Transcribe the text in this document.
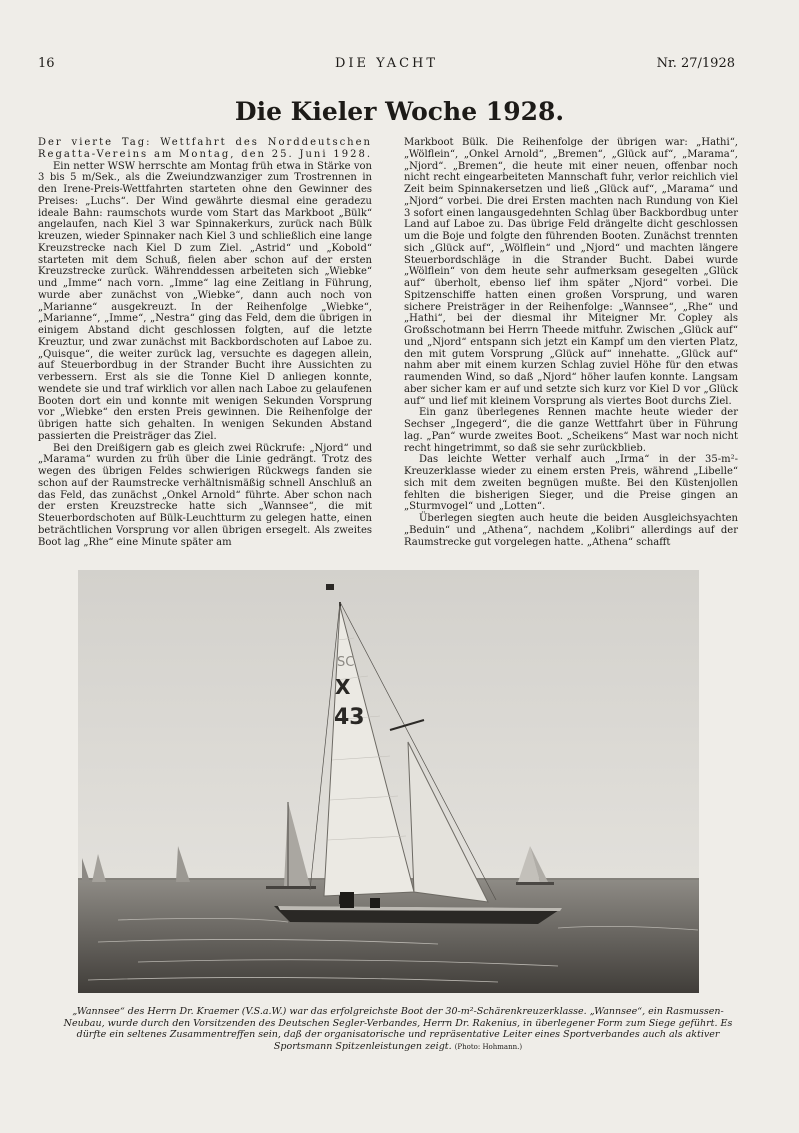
16	DIE YACHT	Nr. 27/1928
Die Kieler Woche 1928.

Der vierte Tag: Wettfahrt des Norddeutschen Regatta-Vereins am Montag, den 25. Juni 1928.

Ein netter WSW herrschte am Montag früh etwa in Stärke von 3 bis 5 m/Sek., als die Zweiundzwanziger zum Trostrennen in den Irene-Preis-Wettfahrten starteten ohne den Gewinner des Preises: „Luchs“. Der Wind gewährte diesmal eine geradezu ideale Bahn: raumschots wurde vom Start das Markboot „Bülk“ angelaufen, nach Kiel 3 war Spinnakerkurs, zurück nach Bülk kreuzen, wieder Spinnaker nach Kiel 3 und schließlich eine lange Kreuzstrecke nach Kiel D zum Ziel. „Astrid“ und „Kobold“ starteten mit dem Schuß, fielen aber schon auf der ersten Kreuzstrecke zurück. Währenddessen arbeiteten sich „Wiebke“ und „Imme“ nach vorn. „Imme“ lag eine Zeitlang in Führung, wurde aber zunächst von „Wiebke“, dann auch noch von „Marianne“ ausgekreuzt. In der Reihenfolge „Wiebke“, „Marianne“, „Imme“, „Nestra“ ging das Feld, dem die übrigen in einigem Abstand dicht geschlossen folgten, auf die letzte Kreuztur, und zwar zunächst mit Backbordschoten auf Laboe zu. „Quisque“, die weiter zurück lag, versuchte es dagegen allein, auf Steuerbordbug in der Strander Bucht ihre Aussichten zu verbessern. Erst als sie die Tonne Kiel D anliegen konnte, wendete sie und traf wirklich vor allen nach Laboe zu gelaufenen Booten dort ein und konnte mit wenigen Sekunden Vorsprung vor „Wiebke“ den ersten Preis gewinnen. Die Reihenfolge der übrigen hatte sich gehalten. In wenigen Sekunden Abstand passierten die Preisträger das Ziel.

Bei den Dreißigern gab es gleich zwei Rückrufe: „Njord“ und „Marama“ wurden zu früh über die Linie gedrängt. Trotz des wegen des übrigen Feldes schwierigen Rückwegs fanden sie schon auf der Raumstrecke verhältnismäßig schnell Anschluß an das Feld, das zunächst „Onkel Arnold“ führte. Aber schon nach der ersten Kreuzstrecke hatte sich „Wannsee“, die mit Steuerbordschoten auf Bülk-Leuchtturm zu gelegen hatte, einen beträchtlichen Vorsprung vor allen übrigen ersegelt. Als zweites Boot lag „Rhe“ eine Minute später am

Markboot Bülk. Die Reihenfolge der übrigen war: „Hathi“, „Wölflein“, „Onkel Arnold“, „Bremen“, „Glück auf“, „Marama“, „Njord“. „Bremen“, die heute mit einer neuen, offenbar noch nicht recht eingearbeiteten Mannschaft fuhr, verlor reichlich viel Zeit beim Spinnakersetzen und ließ „Glück auf“, „Marama“ und „Njord“ vorbei. Die drei Ersten machten nach Rundung von Kiel 3 sofort einen langausgedehnten Schlag über Backbordbug unter Land auf Laboe zu. Das übrige Feld drängelte dicht geschlossen um die Boje und folgte den führenden Booten. Zunächst trennten sich „Glück auf“, „Wölflein“ und „Njord“ und machten längere Steuerbordschläge in die Strander Bucht. Dabei wurde „Wölflein“ von dem heute sehr aufmerksam gesegelten „Glück auf“ überholt, ebenso lief ihm später „Njord“ vorbei. Die Spitzenschiffe hatten einen großen Vorsprung, und waren sichere Preisträger in der Reihenfolge: „Wannsee“, „Rhe“ und „Hathi“, bei der diesmal ihr Miteigner Mr. Copley als Großschotmann bei Herrn Theede mitfuhr. Zwischen „Glück auf“ und „Njord“ entspann sich jetzt ein Kampf um den vierten Platz, den mit gutem Vorsprung „Glück auf“ innehatte. „Glück auf“ nahm aber mit einem kurzen Schlag zuviel Höhe für den etwas raumenden Wind, so daß „Njord“ höher laufen konnte. Langsam aber sicher kam er auf und setzte sich kurz vor Kiel D vor „Glück auf“ und lief mit kleinem Vorsprung als viertes Boot durchs Ziel.

Ein ganz überlegenes Rennen machte heute wieder der Sechser „Ingegerd“, die die ganze Wettfahrt über in Führung lag. „Pan“ wurde zweites Boot. „Scheikens“ Mast war noch nicht recht hingetrimmt, so daß sie sehr zurückblieb.

Das leichte Wetter verhalf auch „Irma“ in der 35-m²-Kreuzerklasse wieder zu einem ersten Preis, während „Libelle“ sich mit dem zweiten begnügen mußte. Bei den Küstenjollen fehlten die bisherigen Sieger, und die Preise gingen an „Sturmvogel“ und „Lotten“.

Überlegen siegten auch heute die beiden Ausgleichsyachten „Beduin“ und „Athena“, nachdem „Kolibri“ allerdings auf der Raumstrecke gut vorgelegen hatte. „Athena“ schafft

X
43
SC

„Wannsee“ des Herrn Dr. Kraemer (V.S.a.W.) war das erfolgreichste Boot der 30-m²-Schärenkreuzerklasse. „Wannsee“, ein Rasmussen-Neubau, wurde durch den Vorsitzenden des Deutschen Segler-Verbandes, Herrn Dr. Rakenius, in überlegener Form zum Siege geführt. Es dürfte ein seltenes Zusammentreffen sein, daß der organisatorische und repräsentative Leiter eines Sportverbandes auch als aktiver Sportsmann Spitzenleistungen zeigt. (Photo: Hohmann.)
